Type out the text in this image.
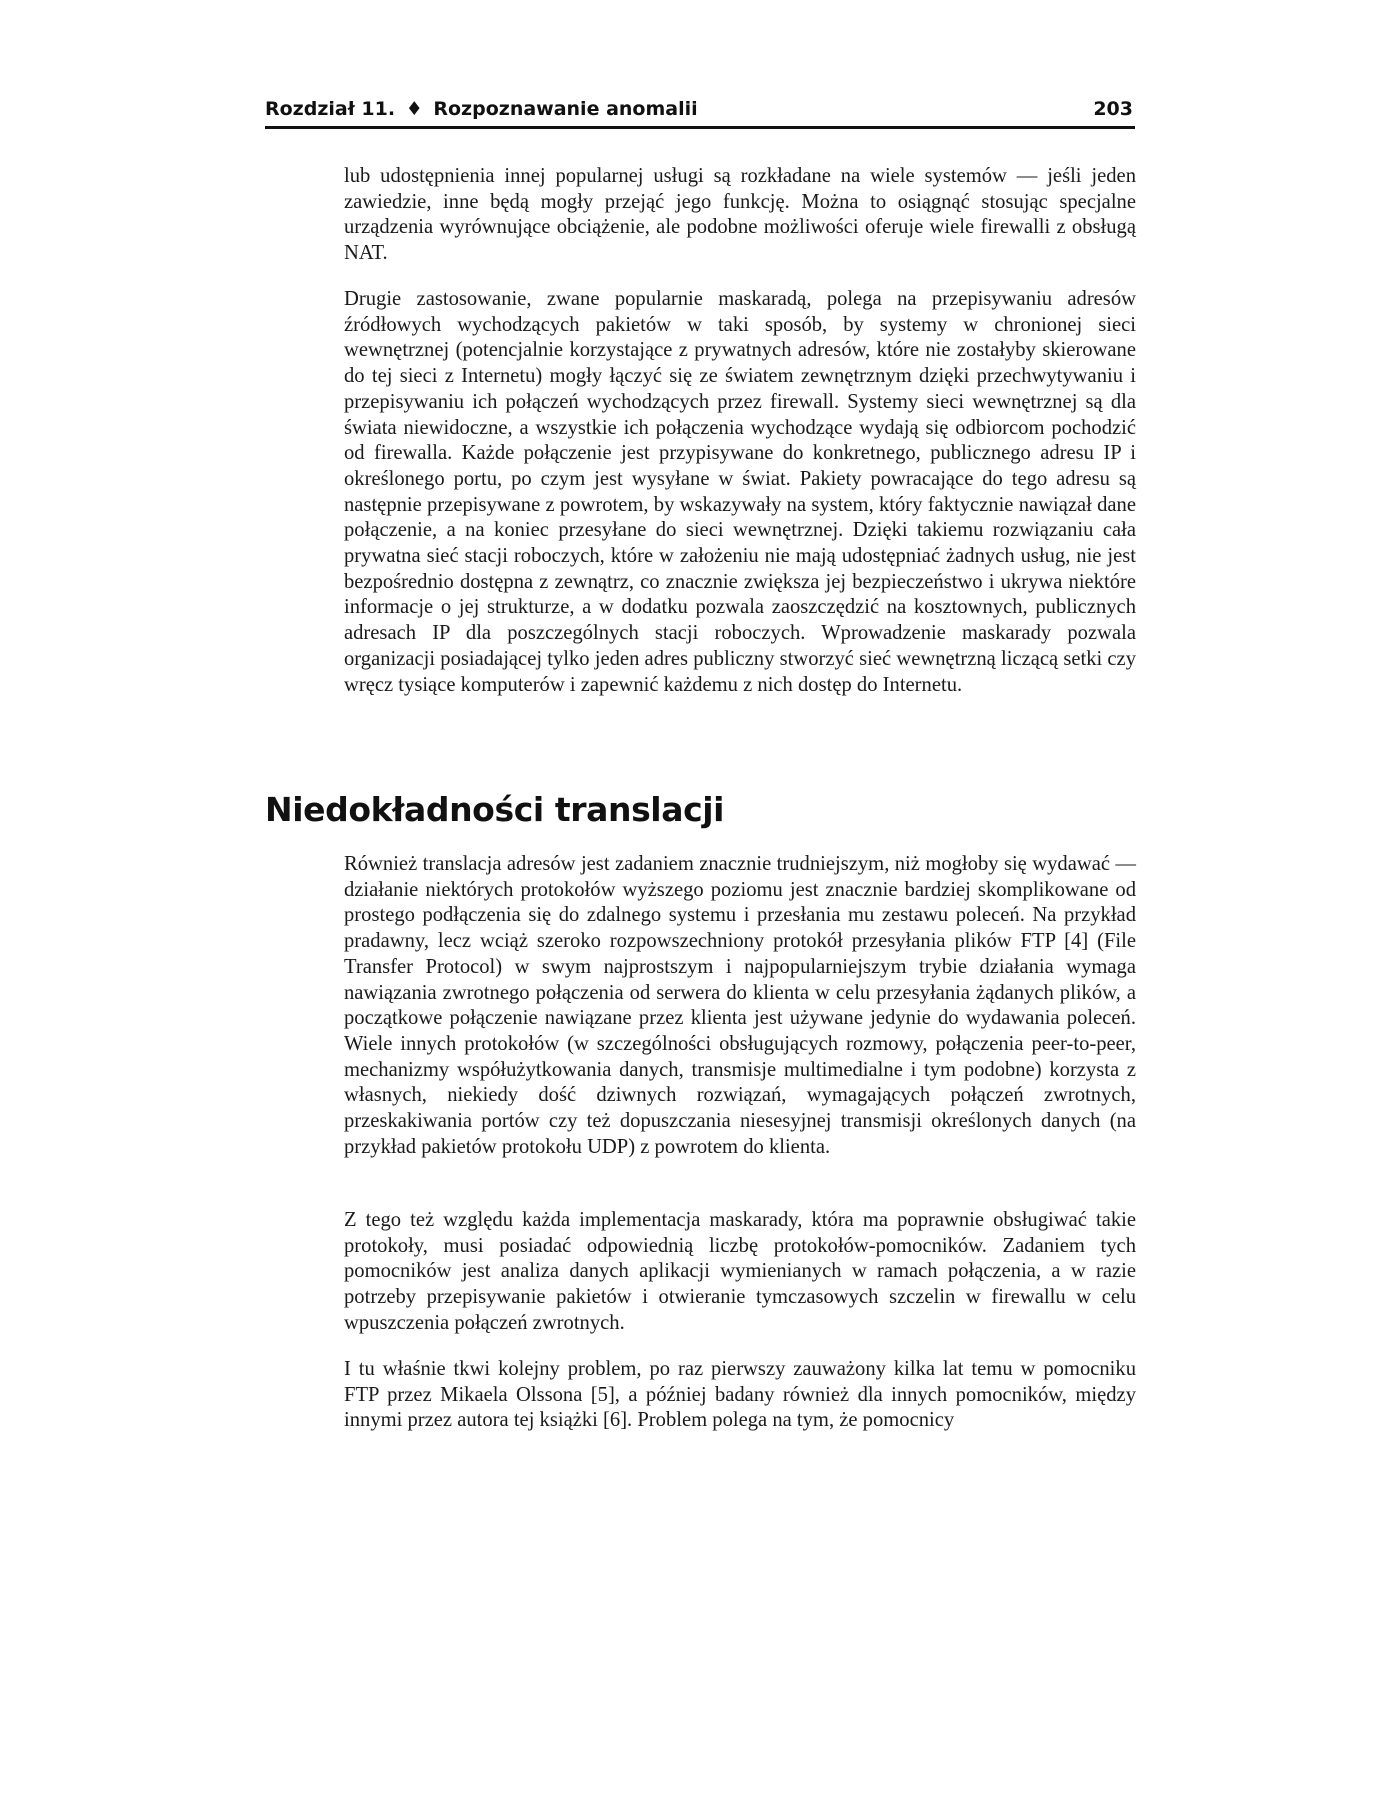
Rozdział 11. ♦ Rozpoznawanie anomalii	203

lub udostępnienia innej popularnej usługi są rozkładane na wiele systemów — jeśli jeden zawiedzie, inne będą mogły przejąć jego funkcję. Można to osiągnąć stosując specjalne urządzenia wyrównujące obciążenie, ale podobne możliwości oferuje wiele firewalli z obsługą NAT.

Drugie zastosowanie, zwane popularnie maskaradą, polega na przepisywaniu adresów źródłowych wychodzących pakietów w taki sposób, by systemy w chronionej sieci wewnętrznej (potencjalnie korzystające z prywatnych adresów, które nie zostałyby skierowane do tej sieci z Internetu) mogły łączyć się ze światem zewnętrznym dzięki przechwytywaniu i przepisywaniu ich połączeń wychodzących przez firewall. Systemy sieci wewnętrznej są dla świata niewidoczne, a wszystkie ich połączenia wychodzące wydają się odbiorcom pochodzić od firewalla. Każde połączenie jest przypisywane do konkretnego, publicznego adresu IP i określonego portu, po czym jest wysyłane w świat. Pakiety powracające do tego adresu są następnie przepisywane z powrotem, by wskazywały na system, który faktycznie nawiązał dane połączenie, a na koniec przesyłane do sieci wewnętrznej. Dzięki takiemu rozwiązaniu cała prywatna sieć stacji roboczych, które w założeniu nie mają udostępniać żadnych usług, nie jest bezpośrednio dostępna z zewnątrz, co znacznie zwiększa jej bezpieczeństwo i ukrywa niektóre informacje o jej strukturze, a w dodatku pozwala zaoszczędzić na kosztownych, publicznych adresach IP dla poszczególnych stacji roboczych. Wprowadzenie maskarady pozwala organizacji posiadającej tylko jeden adres publiczny stworzyć sieć wewnętrzną liczącą setki czy wręcz tysiące komputerów i zapewnić każdemu z nich dostęp do Internetu.

Niedokładności translacji

Również translacja adresów jest zadaniem znacznie trudniejszym, niż mogłoby się wydawać — działanie niektórych protokołów wyższego poziomu jest znacznie bardziej skomplikowane od prostego podłączenia się do zdalnego systemu i przesłania mu zestawu poleceń. Na przykład pradawny, lecz wciąż szeroko rozpowszechniony protokół przesyłania plików FTP [4] (File Transfer Protocol) w swym najprostszym i najpopularniejszym trybie działania wymaga nawiązania zwrotnego połączenia od serwera do klienta w celu przesyłania żądanych plików, a początkowe połączenie nawiązane przez klienta jest używane jedynie do wydawania poleceń. Wiele innych protokołów (w szczególności obsługujących rozmowy, połączenia peer-to-peer, mechanizmy współużytkowania danych, transmisje multimedialne i tym podobne) korzysta z własnych, niekiedy dość dziwnych rozwiązań, wymagających połączeń zwrotnych, przeskakiwania portów czy też dopuszczania niesesyjnej transmisji określonych danych (na przykład pakietów protokołu UDP) z powrotem do klienta.

Z tego też względu każda implementacja maskarady, która ma poprawnie obsługiwać takie protokoły, musi posiadać odpowiednią liczbę protokołów-pomocników. Zadaniem tych pomocników jest analiza danych aplikacji wymienianych w ramach połączenia, a w razie potrzeby przepisywanie pakietów i otwieranie tymczasowych szczelin w firewallu w celu wpuszczenia połączeń zwrotnych.

I tu właśnie tkwi kolejny problem, po raz pierwszy zauważony kilka lat temu w pomocniku FTP przez Mikaela Olssona [5], a później badany również dla innych pomocników, między innymi przez autora tej książki [6]. Problem polega na tym, że pomocnicy
